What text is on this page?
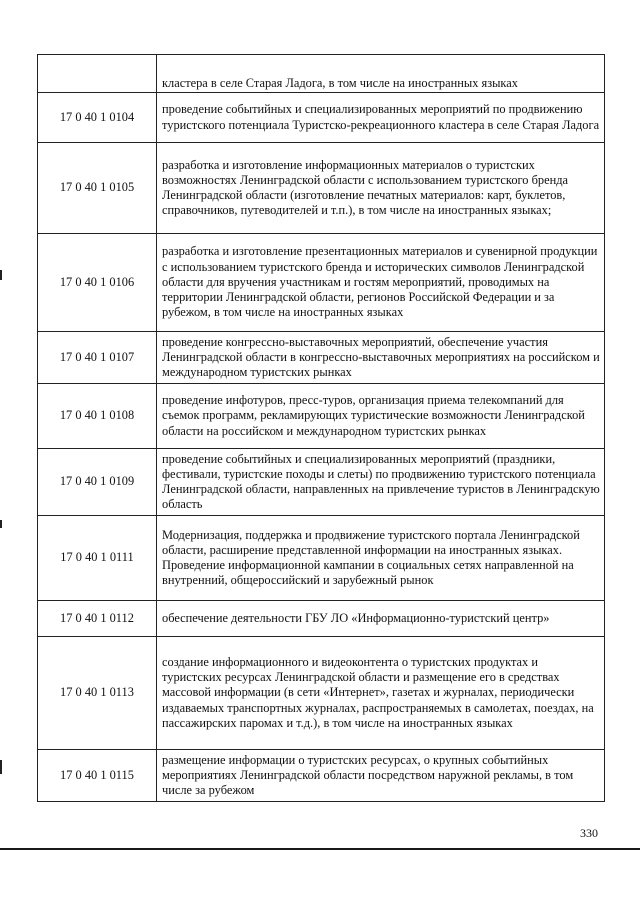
	кластера в селе Старая Ладога, в том числе на иностранных языках
17 0 40 1 0104	проведение событийных и специализированных мероприятий по продвижению туристского потенциала Туристско-рекреационного кластера в селе Старая Ладога
17 0 40 1 0105	разработка и изготовление информационных материалов о туристских возможностях Ленинградской области с использованием туристского бренда Ленинградской области (изготовление печатных материалов: карт, буклетов, справочников, путеводителей и т.п.), в том числе на иностранных языках;
17 0 40 1 0106	разработка и изготовление презентационных материалов и сувенирной продукции с использованием туристского бренда и исторических символов Ленинградской области для вручения участникам и гостям мероприятий, проводимых на территории Ленинградской области, регионов Российской Федерации и за рубежом, в том числе на иностранных языках
17 0 40 1 0107	проведение конгрессно-выставочных мероприятий, обеспечение участия Ленинградской области в конгрессно-выставочных мероприятиях на российском и международном туристских рынках
17 0 40 1 0108	проведение инфотуров, пресс-туров, организация приема телекомпаний для съемок программ, рекламирующих туристические возможности Ленинградской области на российском и международном туристских рынках
17 0 40 1 0109	проведение событийных и специализированных мероприятий (праздники, фестивали, туристские походы и слеты) по продвижению туристского потенциала Ленинградской области, направленных на привлечение туристов в Ленинградскую область
17 0 40 1 0111	Модернизация, поддержка и продвижение туристского портала Ленинградской области, расширение представленной информации на иностранных языках. Проведение информационной кампании в социальных сетях направленной на внутренний, общероссийский и зарубежный рынок
17 0 40 1 0112	обеспечение деятельности ГБУ ЛО «Информационно-туристский центр»
17 0 40 1 0113	создание информационного и видеоконтента о туристских продуктах и туристских ресурсах Ленинградской области и размещение его в средствах массовой информации (в сети «Интернет», газетах и журналах, периодически издаваемых транспортных журналах, распространяемых в самолетах, поездах, на пассажирских паромах и т.д.), в том числе на иностранных языках
17 0 40 1 0115	размещение информации о туристских ресурсах, о крупных событийных мероприятиях Ленинградской области посредством наружной рекламы, в том числе за рубежом
330
